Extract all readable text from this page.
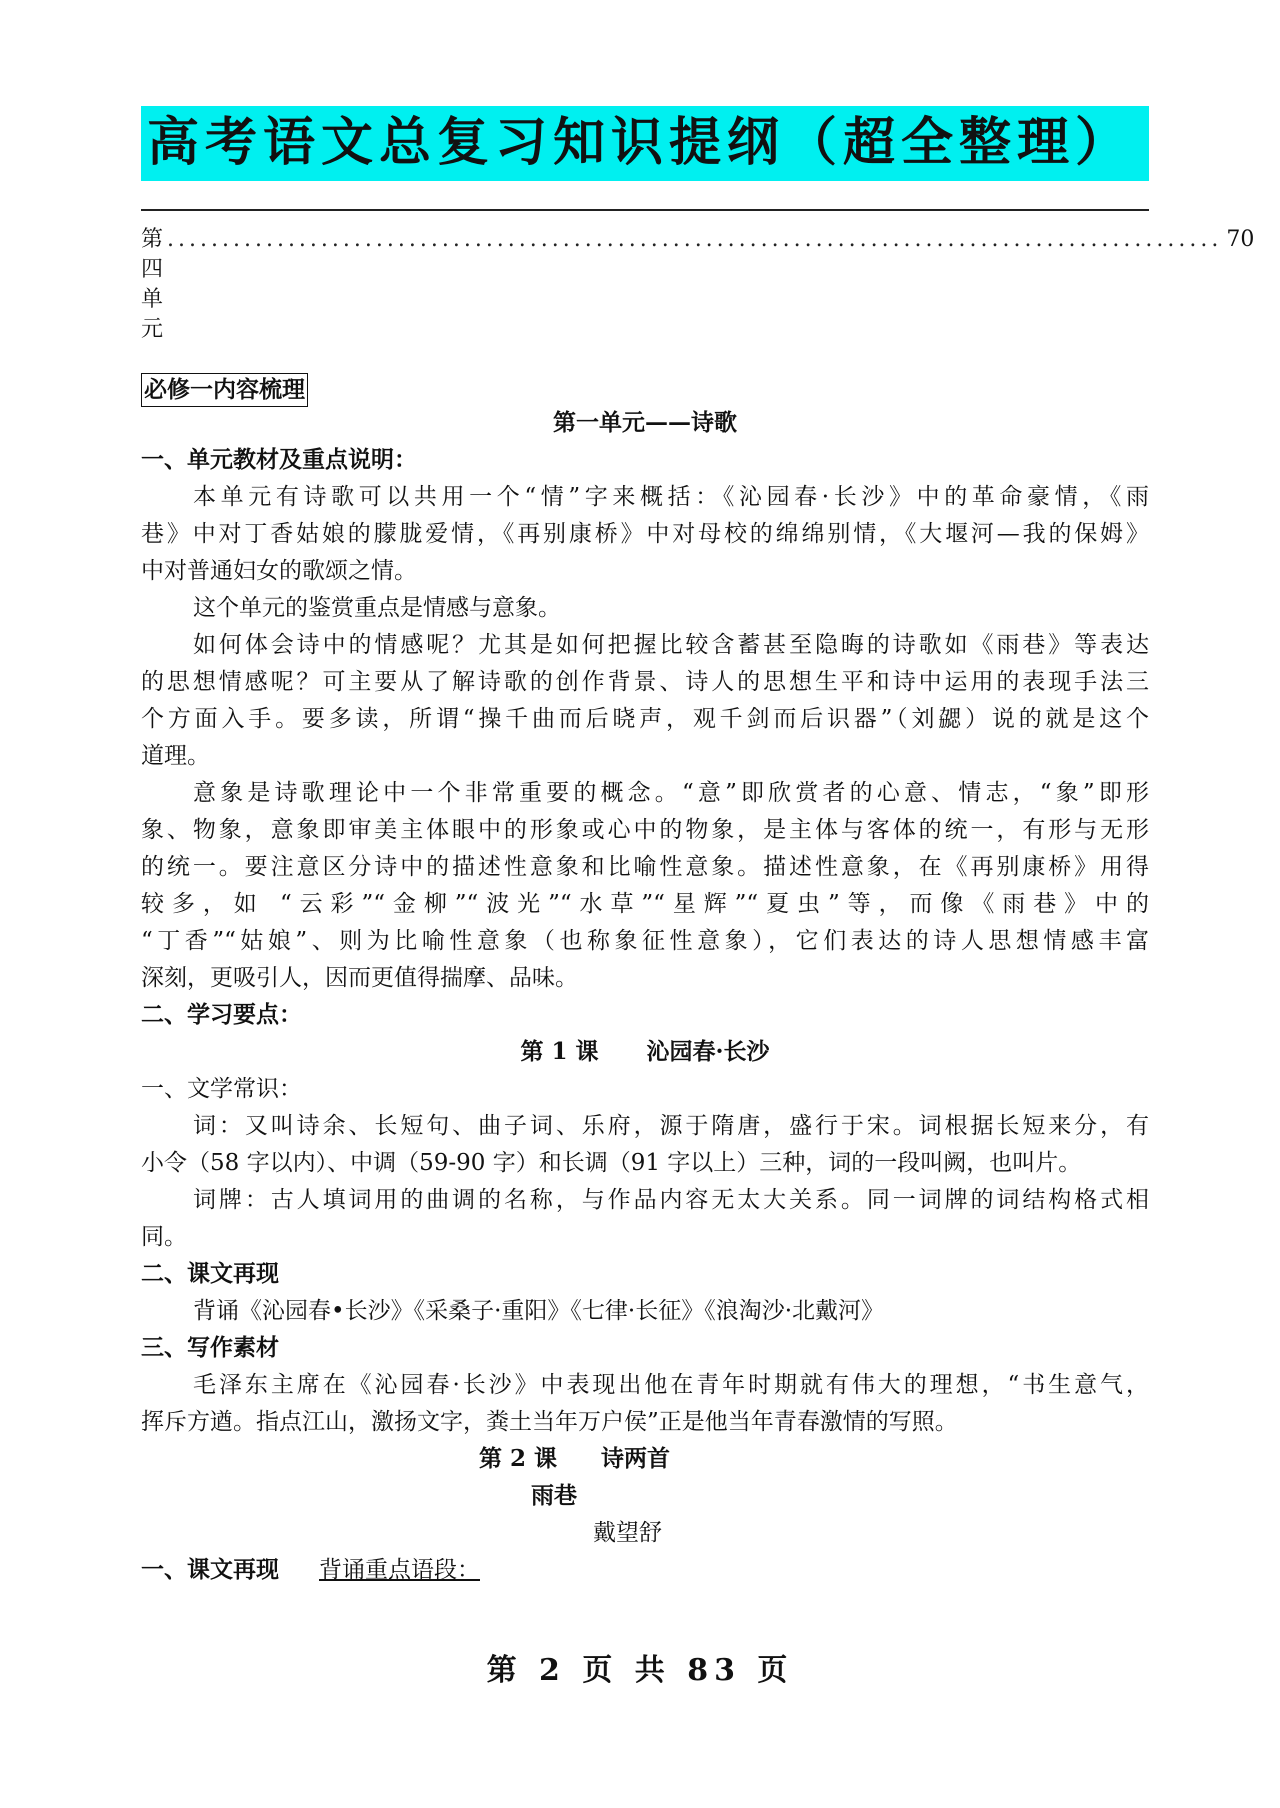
高考语文总复习知识提纲（超全整理）
第四单元
................................................................................................ 70
必修一内容梳理
第一单元——诗歌
一、单元教材及重点说明：
本单元有诗歌可以共用一个“情”字来概括：《沁园春·长沙》中的革命豪情，《雨
巷》中对丁香姑娘的朦胧爱情，《再别康桥》中对母校的绵绵别情，《大堰河—我的保姆》
中对普通妇女的歌颂之情。
这个单元的鉴赏重点是情感与意象。
如何体会诗中的情感呢？尤其是如何把握比较含蓄甚至隐晦的诗歌如《雨巷》等表达
的思想情感呢？可主要从了解诗歌的创作背景、诗人的思想生平和诗中运用的表现手法三
个方面入手。要多读，所谓“操千曲而后晓声，观千剑而后识器”（刘勰）说的就是这个
道理。
意象是诗歌理论中一个非常重要的概念。“意”即欣赏者的心意、情志，“象”即形
象、物象，意象即审美主体眼中的形象或心中的物象，是主体与客体的统一，有形与无形
的统一。要注意区分诗中的描述性意象和比喻性意象。描述性意象，在《再别康桥》用得
较多，如 “云彩”“金柳”“波光”“水草”“星辉”“夏虫”等，而像《雨巷》中的
“丁香”“姑娘”、则为比喻性意象（也称象征性意象），它们表达的诗人思想情感丰富
深刻，更吸引人，因而更值得揣摩、品味。
二、学习要点：
第 1 课 沁园春·长沙
一、文学常识：
词：又叫诗余、长短句、曲子词、乐府，源于隋唐，盛行于宋。词根据长短来分，有
小令（58 字以内）、中调（59-90 字）和长调（91 字以上）三种，词的一段叫阙，也叫片。
词牌：古人填词用的曲调的名称，与作品内容无太大关系。同一词牌的词结构格式相
同。
二、课文再现
背诵《沁园春•长沙》《采桑子·重阳》《七律·长征》《浪淘沙·北戴河》
三、写作素材
毛泽东主席在《沁园春·长沙》中表现出他在青年时期就有伟大的理想，“书生意气，
挥斥方遒。指点江山，激扬文字，粪土当年万户侯”正是他当年青春激情的写照。
第 2 课 诗两首
雨巷
戴望舒
一、课文再现 背诵重点语段：
第 2 页 共 83 页
